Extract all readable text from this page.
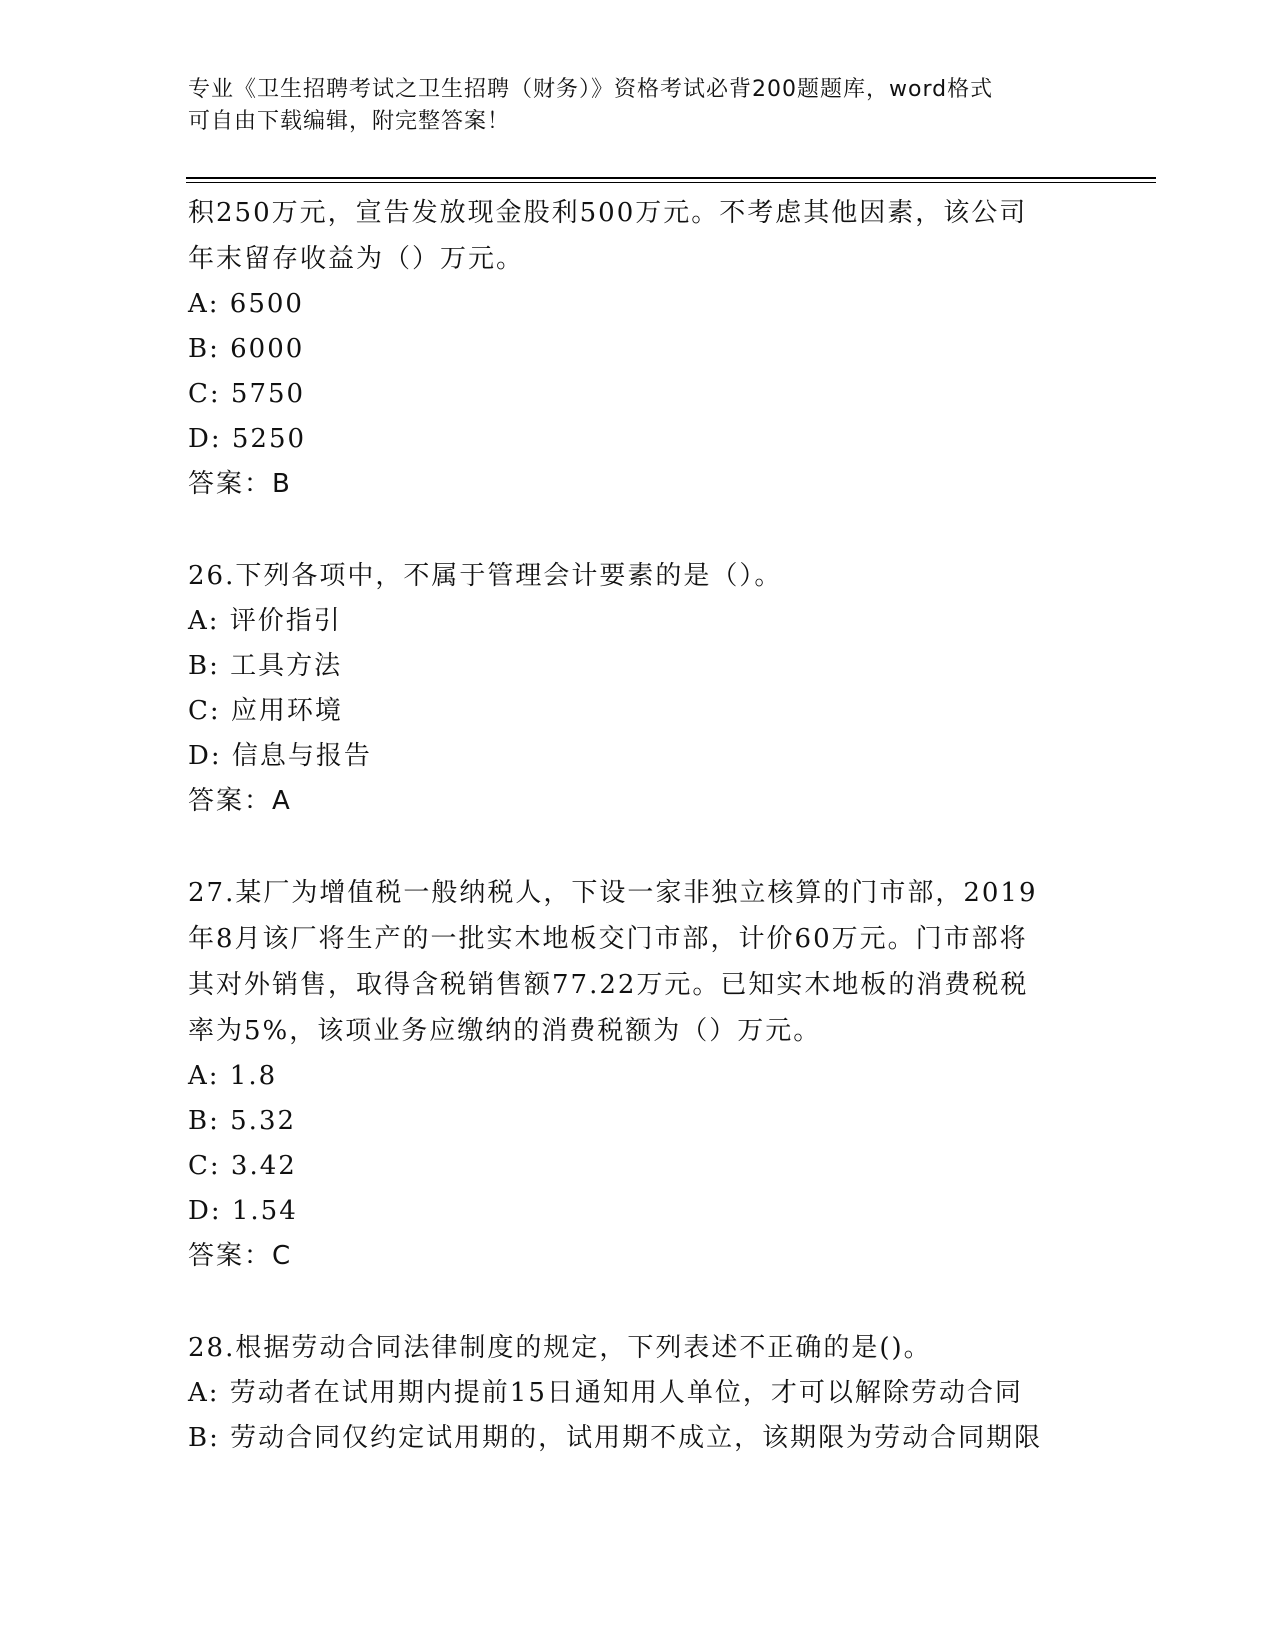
专业《卫生招聘考试之卫生招聘（财务）》资格考试必背200题题库，word格式
可自由下载编辑，附完整答案！
积250万元，宣告发放现金股利500万元。不考虑其他因素，该公司
年末留存收益为（）万元。
A: 6500
B: 6000
C: 5750
D: 5250
答案：B
26.下列各项中，不属于管理会计要素的是（）。
A: 评价指引
B: 工具方法
C: 应用环境
D: 信息与报告
答案：A
27.某厂为增值税一般纳税人，下设一家非独立核算的门市部，2019
年8月该厂将生产的一批实木地板交门市部，计价60万元。门市部将
其对外销售，取得含税销售额77.22万元。已知实木地板的消费税税
率为5%，该项业务应缴纳的消费税额为（）万元。
A: 1.8
B: 5.32
C: 3.42
D: 1.54
答案：C
28.根据劳动合同法律制度的规定，下列表述不正确的是()。
A: 劳动者在试用期内提前15日通知用人单位，才可以解除劳动合同
B: 劳动合同仅约定试用期的，试用期不成立，该期限为劳动合同期限
